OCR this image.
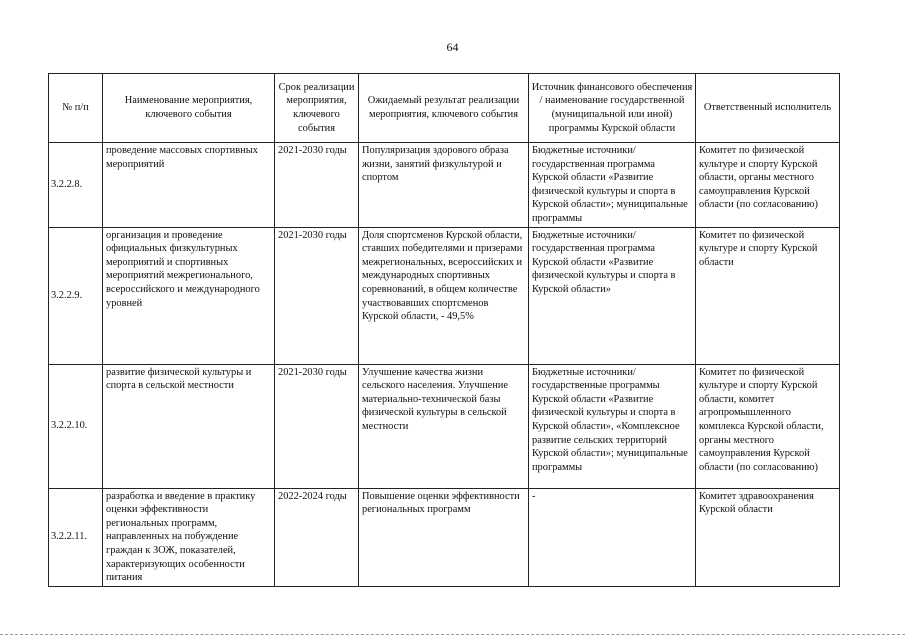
64
№ п/п	Наименование мероприятия, ключевого события	Срок реализации мероприятия, ключевого события	Ожидаемый результат реализации мероприятия, ключевого события	Источник финансового обеспечения / наименование государственной (муниципальной или иной) программы Курской области	Ответственный исполнитель
3.2.2.8.	проведение массовых спортивных мероприятий	2021-2030 годы	Популяризация здорового образа жизни, занятий физкультурой и спортом	Бюджетные источники/ государственная программа Курской области «Развитие физической культуры и спорта в Курской области»; муниципальные программы	Комитет по физической культуре и спорту Курской области, органы местного самоуправления Курской области (по согласованию)
3.2.2.9.	организация и проведение официальных физкультурных мероприятий и спортивных мероприятий межрегионального, всероссийского и международного уровней	2021-2030 годы	Доля спортсменов Курской области, ставших победителями и призерами межрегиональных, всероссийских и международных спортивных соревнований, в общем количестве участвовавших спортсменов Курской области, - 49,5%	Бюджетные источники/ государственная программа Курской области «Развитие физической культуры и спорта в Курской области»	Комитет по физической культуре и спорту Курской области
3.2.2.10.	развитие физической культуры и спорта в сельской местности	2021-2030 годы	Улучшение качества жизни сельского населения. Улучшение материально-технической базы физической культуры в сельской местности	Бюджетные источники/ государственные программы Курской области «Развитие физической культуры и спорта в Курской области», «Комплексное развитие сельских территорий Курской области»; муниципальные программы	Комитет по физической культуре и спорту Курской области, комитет агропромышленного комплекса Курской области, органы местного самоуправления Курской области (по согласованию)
3.2.2.11.	разработка и введение в практику оценки эффективности региональных программ, направленных на побуждение граждан к ЗОЖ, показателей, характеризующих особенности питания	2022-2024 годы	Повышение оценки эффективности региональных программ	-	Комитет здравоохранения Курской области
